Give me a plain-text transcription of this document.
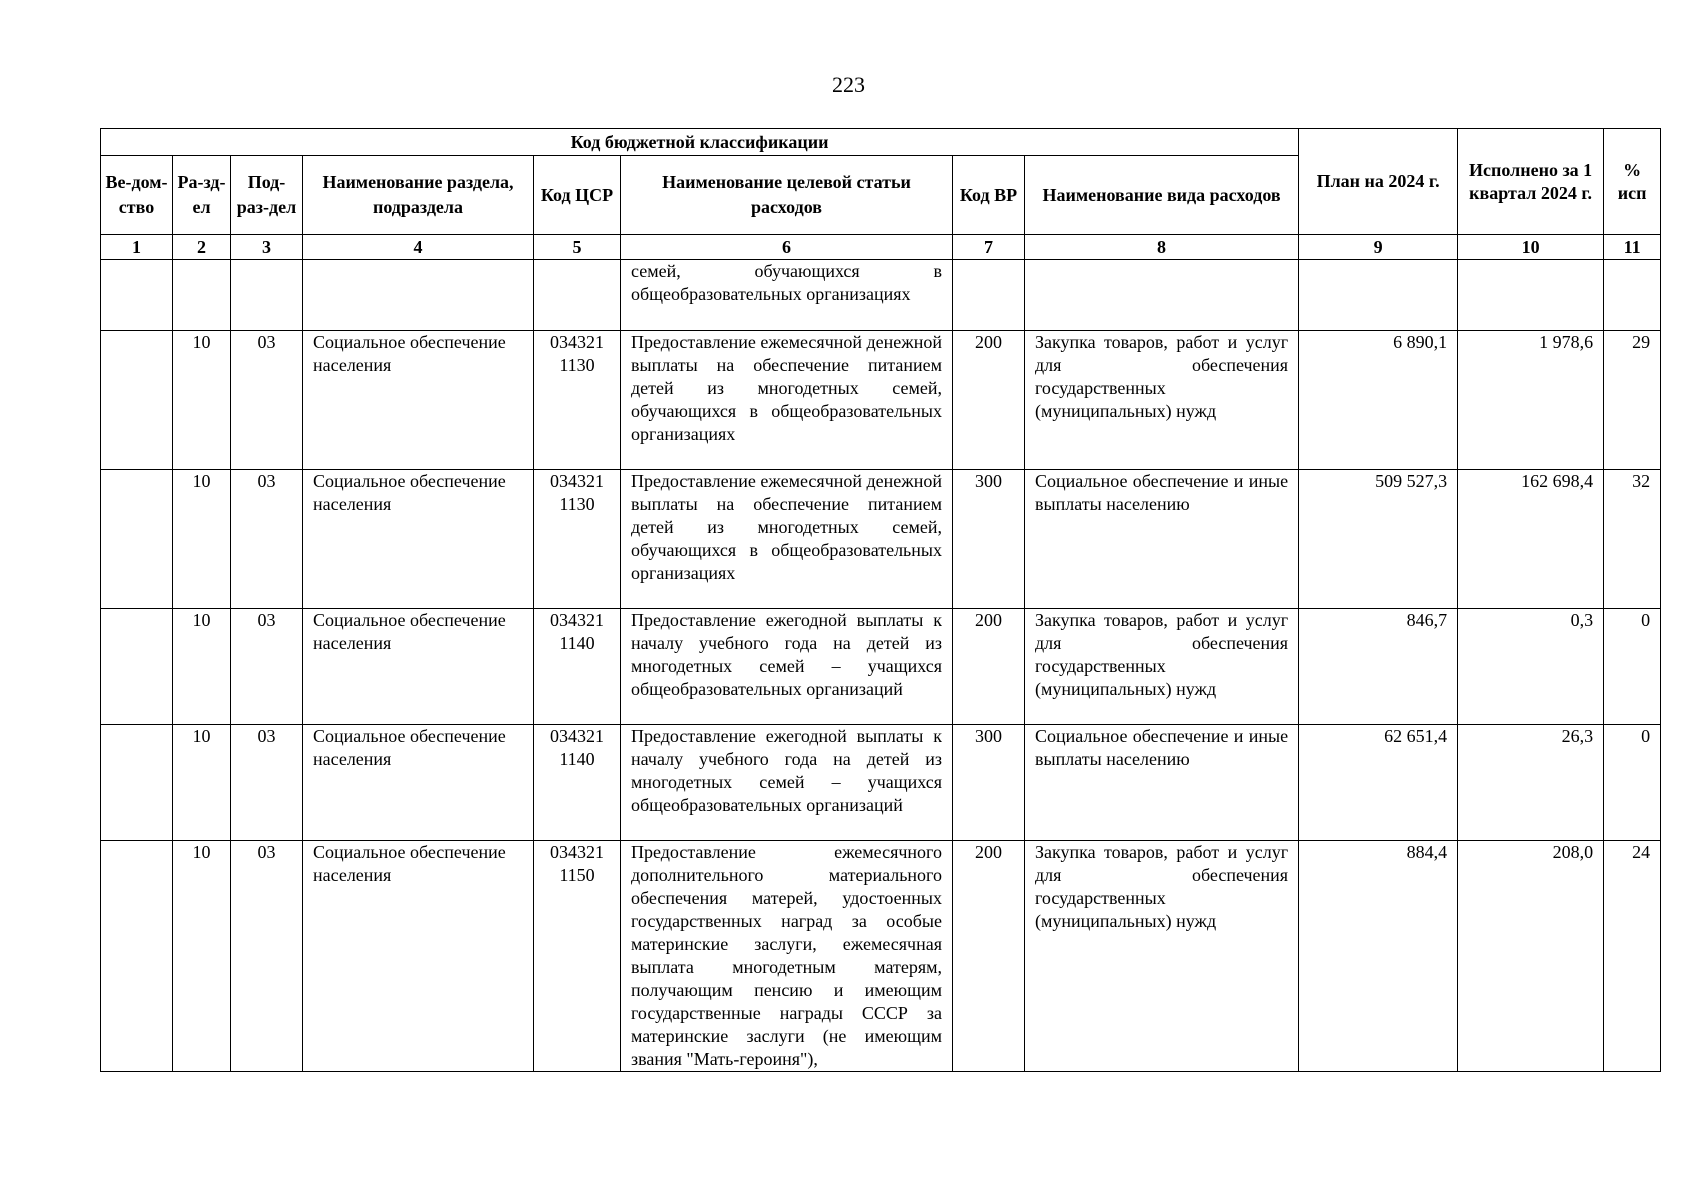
223
Код бюджетной классификации								План на 2024 г.	Исполнено за 1 квартал 2024 г.	% исп
Ве-дом-ство	Ра-зд-ел	Под-раз-дел	Наименование раздела, подраздела	Код ЦСР	Наименование целевой статьи расходов	Код ВР	Наименование вида расходов			
1	2	3	4	5	6	7	8	9	10	11
					семей, обучающихся в общеобразовательных организациях					
	10	03	Социальное обеспечение населения	034321 1130	Предоставление ежемесячной денежной выплаты на обеспечение питанием детей из многодетных семей, обучающихся в общеобразовательных организациях	200	Закупка товаров, работ и услуг для обеспечения государственных (муниципальных) нужд	6 890,1	1 978,6	29
	10	03	Социальное обеспечение населения	034321 1130	Предоставление ежемесячной денежной выплаты на обеспечение питанием детей из многодетных семей, обучающихся в общеобразовательных организациях	300	Социальное обеспечение и иные выплаты населению	509 527,3	162 698,4	32
	10	03	Социальное обеспечение населения	034321 1140	Предоставление ежегодной выплаты к началу учебного года на детей из многодетных семей – учащихся общеобразовательных организаций	200	Закупка товаров, работ и услуг для обеспечения государственных (муниципальных) нужд	846,7	0,3	0
	10	03	Социальное обеспечение населения	034321 1140	Предоставление ежегодной выплаты к началу учебного года на детей из многодетных семей – учащихся общеобразовательных организаций	300	Социальное обеспечение и иные выплаты населению	62 651,4	26,3	0
	10	03	Социальное обеспечение населения	034321 1150	Предоставление ежемесячного дополнительного материального обеспечения матерей, удостоенных государственных наград за особые материнские заслуги, ежемесячная выплата многодетным матерям, получающим пенсию и имеющим государственные награды СССР за материнские заслуги (не имеющим звания "Мать-героиня"),	200	Закупка товаров, работ и услуг для обеспечения государственных (муниципальных) нужд	884,4	208,0	24
